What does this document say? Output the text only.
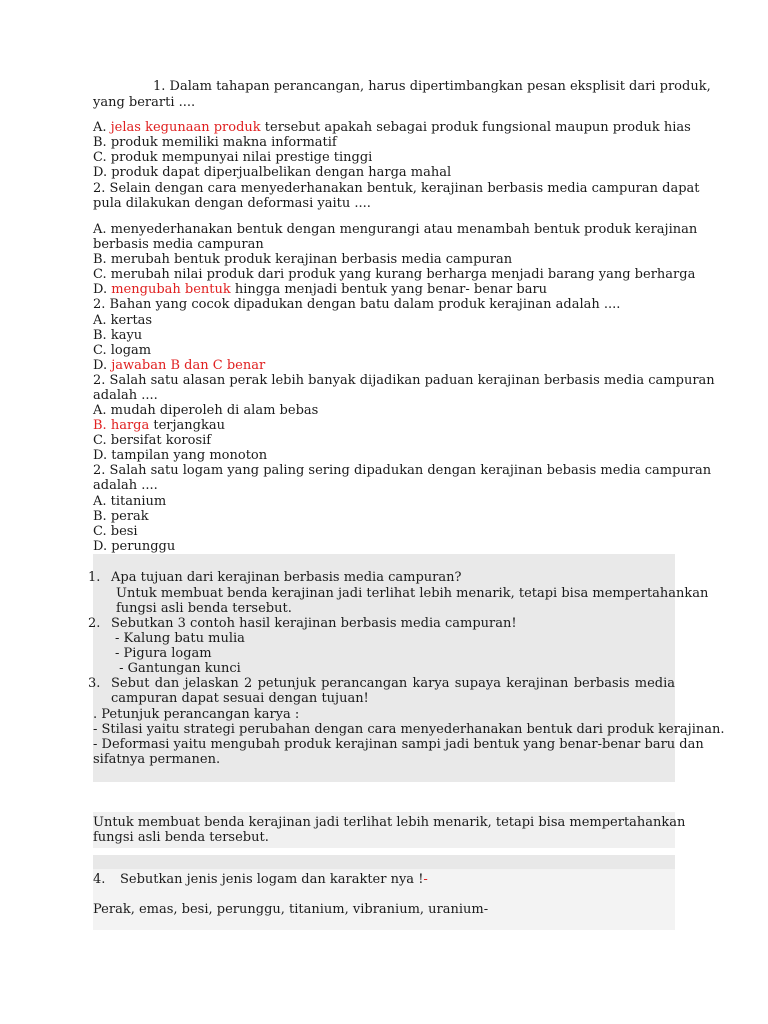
1. Dalam tahapan perancangan, harus dipertimbangkan pesan eksplisit dari produk,
yang berarti ....
A. jelas kegunaan produk tersebut apakah sebagai produk fungsional maupun produk hias
B. produk memiliki makna informatif
C. produk mempunyai nilai prestige tinggi
D. produk dapat diperjualbelikan dengan harga mahal
2. Selain dengan cara menyederhanakan bentuk, kerajinan berbasis media campuran dapat
pula dilakukan dengan deformasi yaitu ....
A. menyederhanakan bentuk dengan mengurangi atau menambah bentuk produk kerajinan
berbasis media campuran
B. merubah bentuk produk kerajinan berbasis media campuran
C. merubah nilai produk dari produk yang kurang berharga menjadi barang yang berharga
D. mengubah bentuk hingga menjadi bentuk yang benar- benar baru
2. Bahan yang cocok dipadukan dengan batu dalam produk kerajinan adalah ....
A. kertas
B. kayu
C. logam
D. jawaban B dan C benar
2. Salah satu alasan perak lebih banyak dijadikan paduan kerajinan berbasis media campuran
adalah ....
A. mudah diperoleh di alam bebas
B. harga terjangkau
C. bersifat korosif
D. tampilan yang monoton
2. Salah satu logam yang paling sering dipadukan dengan kerajinan bebasis media campuran
adalah ....
A. titanium
B. perak
C. besi
D. perunggu
1. Apa tujuan dari kerajinan berbasis media campuran?
Untuk membuat benda kerajinan jadi terlihat lebih menarik, tetapi bisa mempertahankan
fungsi asli benda tersebut.
2. Sebutkan 3 contoh hasil kerajinan berbasis media campuran!
- Kalung batu mulia
- Pigura logam
- Gantungan kunci
3. Sebut dan jelaskan 2 petunjuk perancangan karya supaya kerajinan berbasis media
campuran dapat sesuai dengan tujuan!
. Petunjuk perancangan karya :
- Stilasi yaitu strategi perubahan dengan cara menyederhanakan bentuk dari produk kerajinan.
- Deformasi yaitu mengubah produk kerajinan sampi jadi bentuk yang benar-benar baru dan
sifatnya permanen.
Untuk membuat benda kerajinan jadi terlihat lebih menarik, tetapi bisa mempertahankan
fungsi asli benda tersebut.
4. Sebutkan jenis jenis logam dan karakter nya !-
Perak, emas, besi, perunggu, titanium, vibranium, uranium-
